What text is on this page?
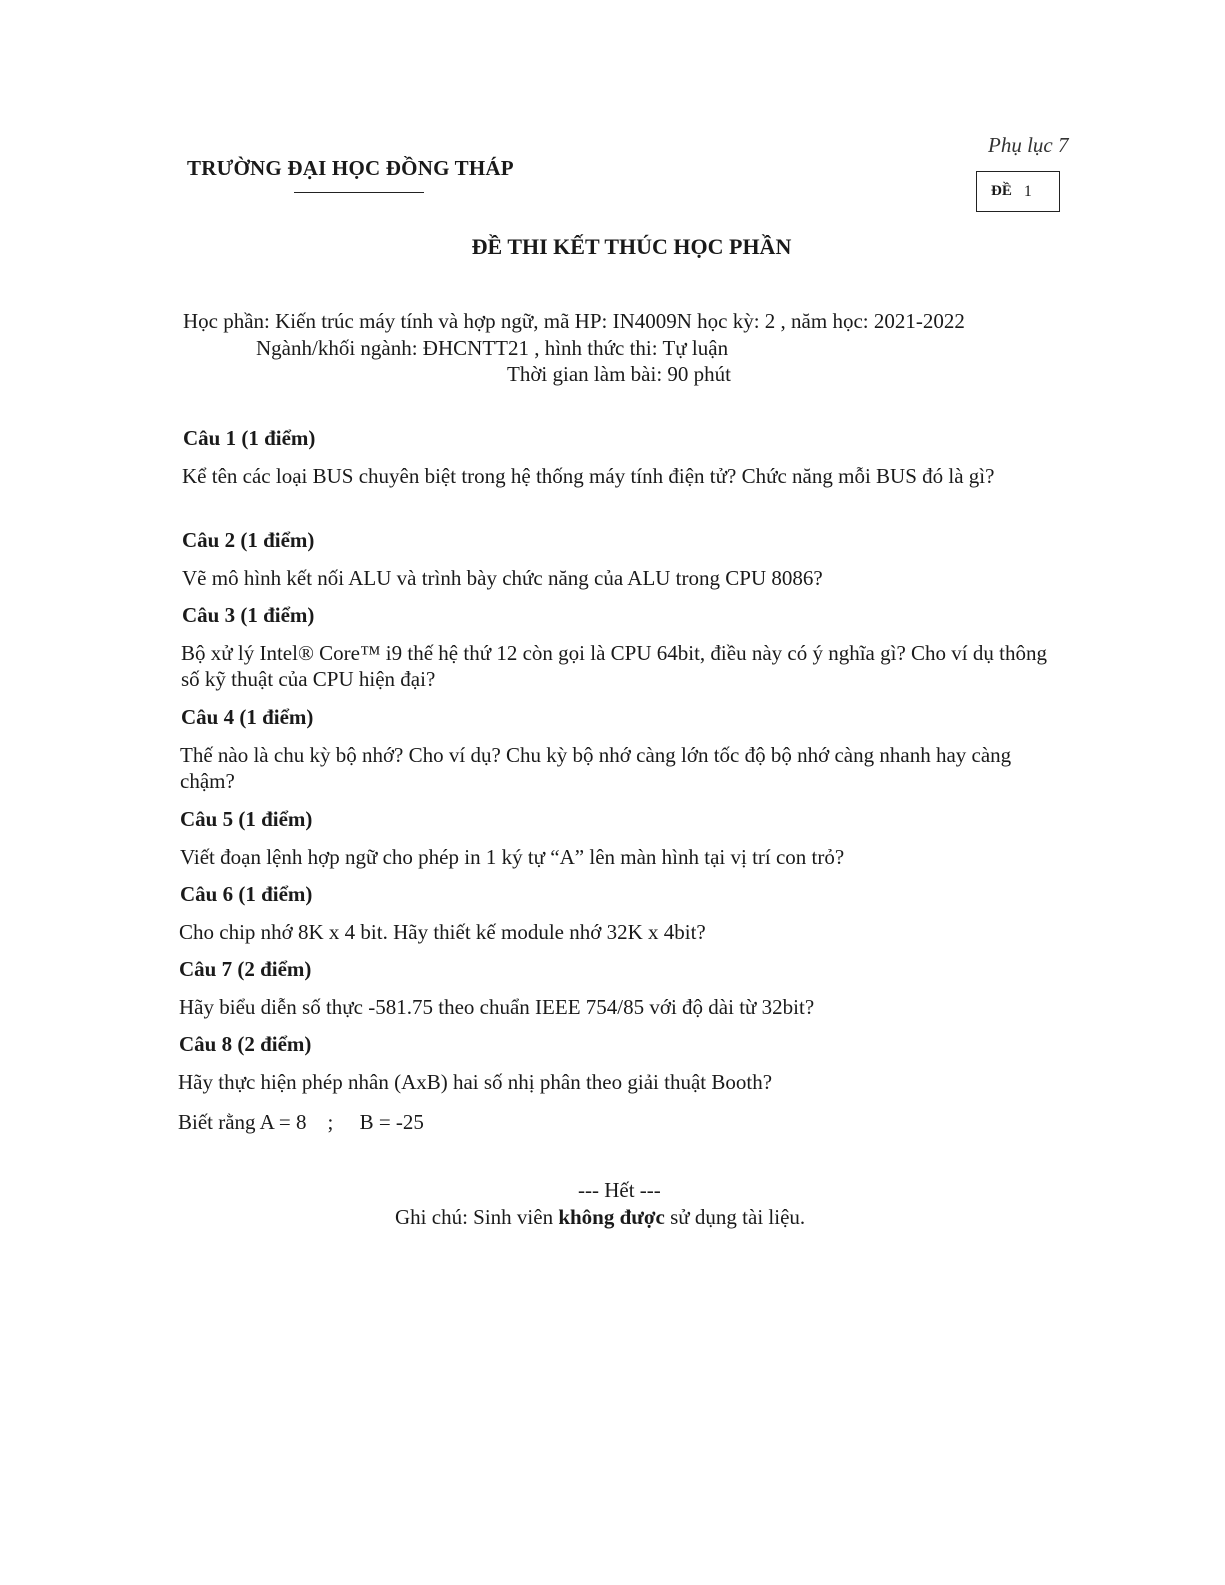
TRƯỜNG ĐẠI HỌC ĐỒNG THÁP
Phụ lục 7
ĐỀ 1
ĐỀ THI KẾT THÚC HỌC PHẦN
Học phần: Kiến trúc máy tính và hợp ngữ, mã HP: IN4009N học kỳ: 2 , năm học: 2021-2022
Ngành/khối ngành: ĐHCNTT21 , hình thức thi: Tự luận
Thời gian làm bài: 90 phút
Câu 1 (1 điểm)
Kể tên các loại BUS chuyên biệt trong hệ thống máy tính điện tử? Chức năng mỗi BUS đó là gì?
Câu 2 (1 điểm)
Vẽ mô hình kết nối ALU và trình bày chức năng của ALU trong CPU 8086?
Câu 3 (1 điểm)
Bộ xử lý Intel® Core™ i9 thế hệ thứ 12 còn gọi là CPU 64bit, điều này có ý nghĩa gì? Cho ví dụ thông số kỹ thuật của CPU hiện đại?
Câu 4 (1 điểm)
Thế nào là chu kỳ bộ nhớ? Cho ví dụ? Chu kỳ bộ nhớ càng lớn tốc độ bộ nhớ càng nhanh hay càng chậm?
Câu 5 (1 điểm)
Viết đoạn lệnh hợp ngữ cho phép in 1 ký tự “A” lên màn hình tại vị trí con trỏ?
Câu 6 (1 điểm)
Cho chip nhớ 8K x 4 bit. Hãy thiết kế module nhớ 32K x 4bit?
Câu 7 (2 điểm)
Hãy biểu diễn số thực -581.75 theo chuẩn IEEE 754/85 với độ dài từ 32bit?
Câu 8 (2 điểm)
Hãy thực hiện phép nhân (AxB) hai số nhị phân theo giải thuật Booth?
Biết rằng A = 8    ;     B = -25
--- Hết ---
Ghi chú: Sinh viên không được sử dụng tài liệu.
